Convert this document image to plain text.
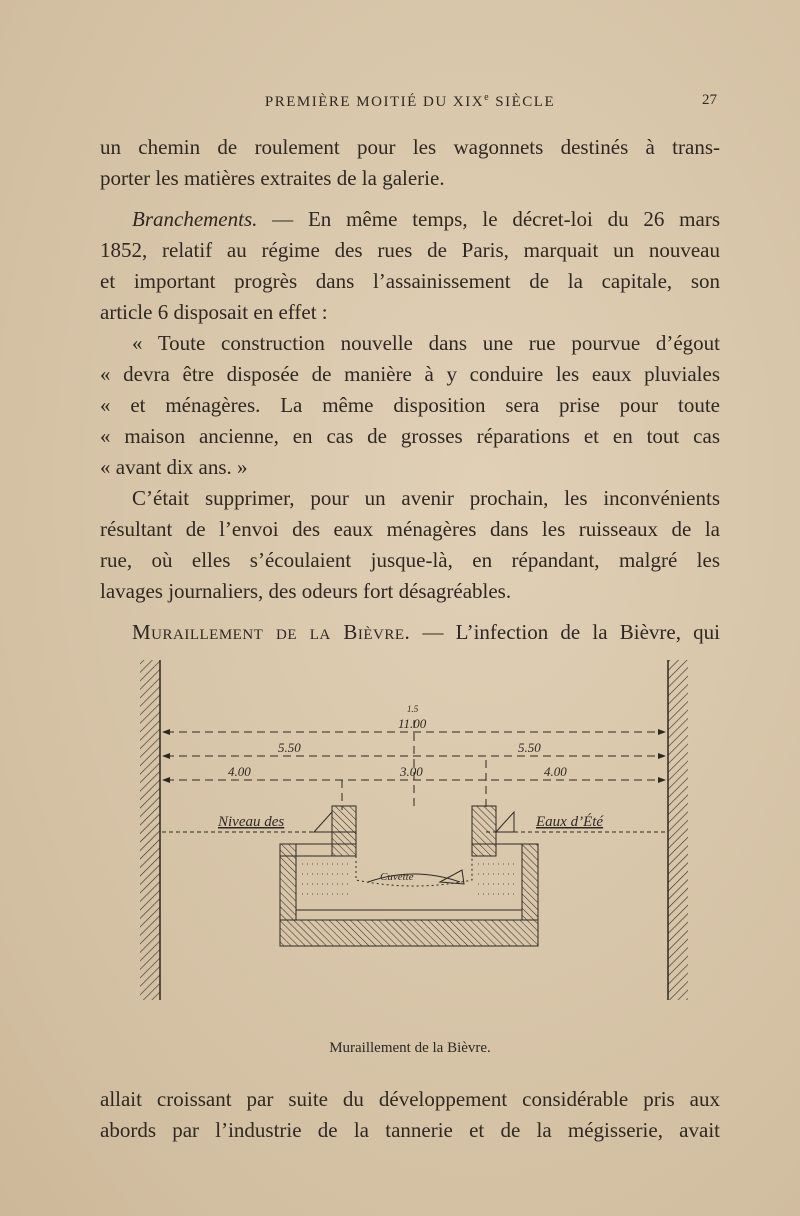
PREMIÈRE MOITIÉ DU XIXe SIÈCLE	27

un chemin de roulement pour les wagonnets destinés à trans-
porter les matières extraites de la galerie.

Branchements. — En même temps, le décret-loi du 26 mars
1852, relatif au régime des rues de Paris, marquait un nouveau
et important progrès dans l’assainissement de la capitale, son
article 6 disposait en effet :

« Toute construction nouvelle dans une rue pourvue d’égout
« devra être disposée de manière à y conduire les eaux pluviales
« et ménagères. La même disposition sera prise pour toute
« maison ancienne, en cas de grosses réparations et en tout cas
« avant dix ans. »

C’était supprimer, pour un avenir prochain, les inconvénients
résultant de l’envoi des eaux ménagères dans les ruisseaux de la
rue, où elles s’écoulaient jusque-là, en répandant, malgré les
lavages journaliers, des odeurs fort désagréables.

Muraillement de la Bièvre. — L’infection de la Bièvre, qui

11.00
1.5
5.50	5.50
4.00	3.00	4.00
Niveau des	Eaux d’Été
Cuvette
Muraillement de la Bièvre.

allait croissant par suite du développement considérable pris aux
abords par l’industrie de la tannerie et de la mégisserie, avait
